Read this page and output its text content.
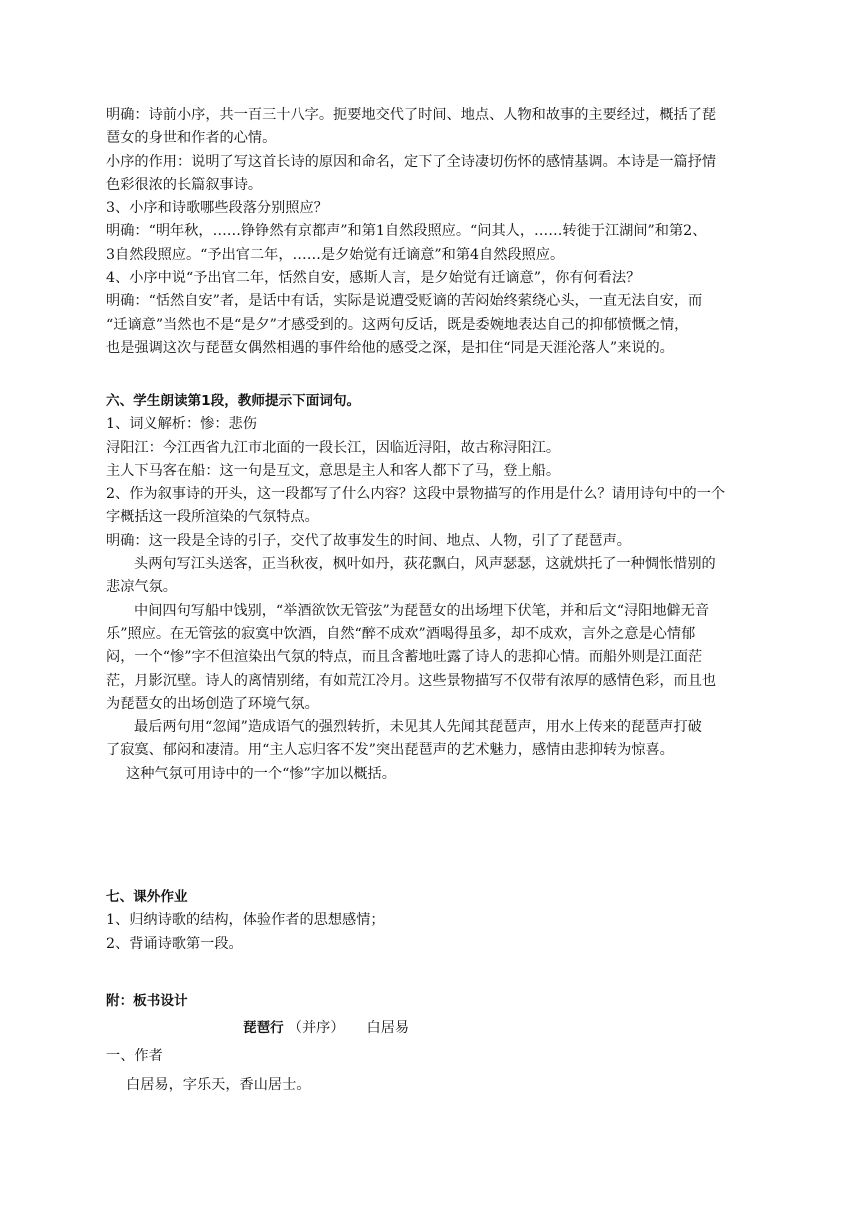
明确：诗前小序，共一百三十八字。扼要地交代了时间、地点、人物和故事的主要经过，概括了琵
琶女的身世和作者的心情。
小序的作用：说明了写这首长诗的原因和命名，定下了全诗凄切伤怀的感情基调。本诗是一篇抒情
色彩很浓的长篇叙事诗。
3、小序和诗歌哪些段落分别照应？
明确：“明年秋，……铮铮然有京都声”和第1自然段照应。“问其人，……转徙于江湖间”和第2、
3自然段照应。“予出官二年，……是夕始觉有迁谪意”和第4自然段照应。
4、小序中说“予出官二年，恬然自安，感斯人言，是夕始觉有迁谪意”，你有何看法？
明确：“恬然自安”者，是话中有话，实际是说遭受贬谪的苦闷始终萦绕心头，一直无法自安，而
“迁谪意”当然也不是“是夕”才感受到的。这两句反话，既是委婉地表达自己的抑郁愤慨之情，
也是强调这次与琵琶女偶然相遇的事件给他的感受之深，是扣住“同是天涯沦落人”来说的。
六、学生朗读第1段，教师提示下面词句。
1、词义解析：惨：悲伤
浔阳江：今江西省九江市北面的一段长江，因临近浔阳，故古称浔阳江。
主人下马客在船：这一句是互文，意思是主人和客人都下了马，登上船。
2、作为叙事诗的开头，这一段都写了什么内容？这段中景物描写的作用是什么？请用诗句中的一个
字概括这一段所渲染的气氛特点。
明确：这一段是全诗的引子，交代了故事发生的时间、地点、人物，引了了琵琶声。
头两句写江头送客，正当秋夜，枫叶如丹，荻花飘白，风声瑟瑟，这就烘托了一种惆怅惜别的
悲凉气氛。
中间四句写船中饯别，“举酒欲饮无管弦”为琵琶女的出场埋下伏笔，并和后文“浔阳地僻无音
乐”照应。在无管弦的寂寞中饮酒，自然“醉不成欢”酒喝得虽多，却不成欢，言外之意是心情郁
闷，一个“惨”字不但渲染出气氛的特点，而且含蓄地吐露了诗人的悲抑心情。而船外则是江面茫
茫，月影沉壁。诗人的离情别绪，有如荒江冷月。这些景物描写不仅带有浓厚的感情色彩，而且也
为琵琶女的出场创造了环境气氛。
最后两句用“忽闻”造成语气的强烈转折，未见其人先闻其琵琶声，用水上传来的琵琶声打破
了寂寞、郁闷和凄清。用“主人忘归客不发”突出琵琶声的艺术魅力，感情由悲抑转为惊喜。
这种气氛可用诗中的一个“惨”字加以概括。
七、课外作业
1、归纳诗歌的结构，体验作者的思想感情；
2、背诵诗歌第一段。
附：板书设计
琵琶行 （并序） 白居易
一、作者
白居易，字乐天，香山居士。
